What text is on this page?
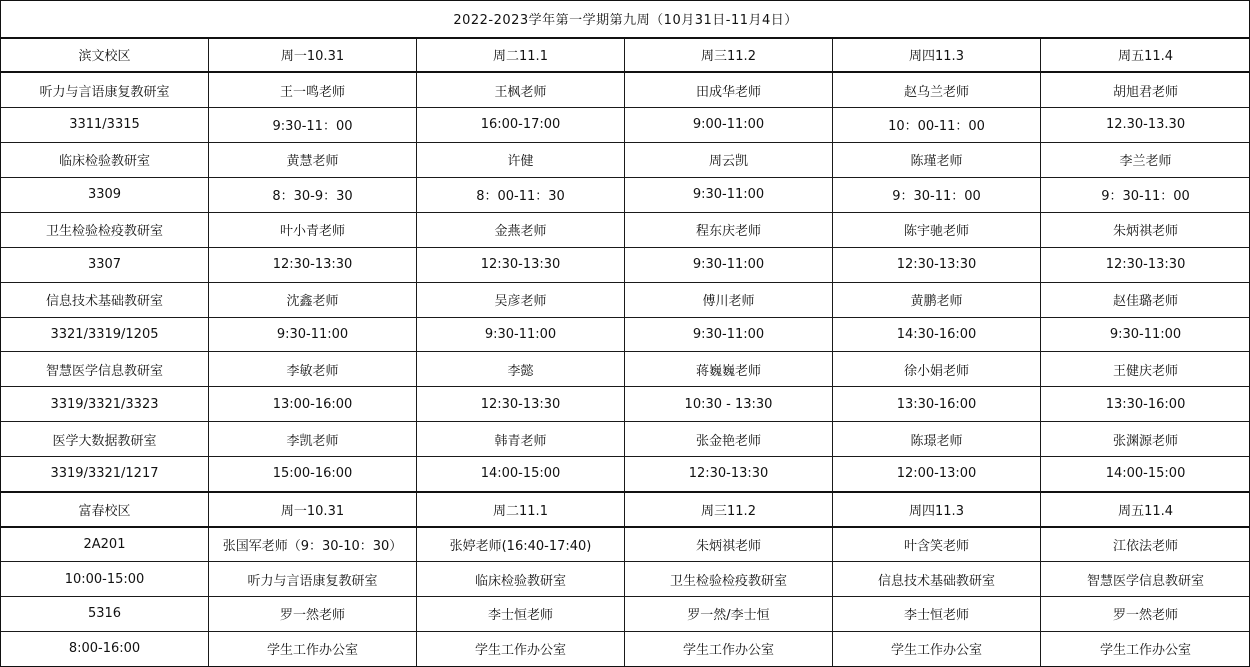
2022-2023学年第一学期第九周（10月31日-11月4日）					
滨文校区	周一10.31	周二11.1	周三11.2	周四11.3	周五11.4
听力与言语康复教研室	王一鸣老师	王枫老师	田成华老师	赵乌兰老师	胡旭君老师
3311/3315	9:30-11：00	16:00-17:00	9:00-11:00	10：00-11：00	12.30-13.30
临床检验教研室	黄慧老师	许健	周云凯	陈瑾老师	李兰老师
3309	8：30-9：30	8：00-11：30	9:30-11:00	9：30-11：00	9：30-11：00
卫生检验检疫教研室	叶小青老师	金燕老师	程东庆老师	陈宇驰老师	朱炳祺老师
3307	12:30-13:30	12:30-13:30	9:30-11:00	12:30-13:30	12:30-13:30
信息技术基础教研室	沈鑫老师	吴彦老师	傅川老师	黄鹏老师	赵佳璐老师
3321/3319/1205	9:30-11:00	9:30-11:00	9:30-11:00	14:30-16:00	9:30-11:00
智慧医学信息教研室	李敏老师	李懿	蒋巍巍老师	徐小娟老师	王健庆老师
3319/3321/3323	13:00-16:00	12:30-13:30	10:30 - 13:30	13:30-16:00	13:30-16:00
医学大数据教研室	李凯老师	韩青老师	张金艳老师	陈璟老师	张渊源老师
3319/3321/1217	15:00-16:00	14:00-15:00	12:30-13:30	12:00-13:00	14:00-15:00
富春校区	周一10.31	周二11.1	周三11.2	周四11.3	周五11.4
2A201	张国军老师（9：30-10：30）	张婷老师(16:40-17:40)	朱炳祺老师	叶含笑老师	江依法老师
10:00-15:00	听力与言语康复教研室	临床检验教研室	卫生检验检疫教研室	信息技术基础教研室	智慧医学信息教研室
5316	罗一然老师	李士恒老师	罗一然/李士恒	李士恒老师	罗一然老师
8:00-16:00	学生工作办公室	学生工作办公室	学生工作办公室	学生工作办公室	学生工作办公室
